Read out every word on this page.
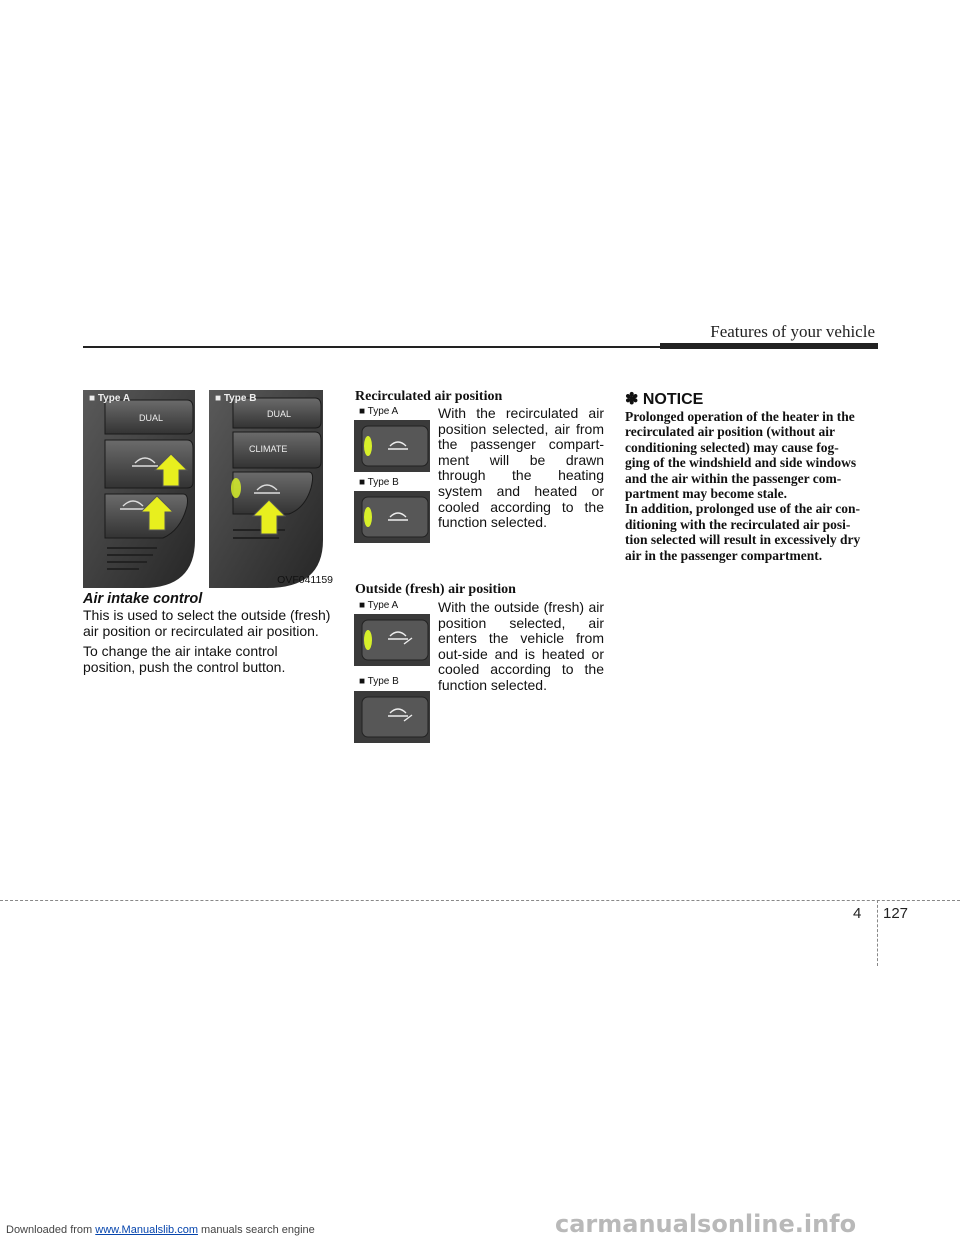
Features of your vehicle
DUAL
■ Type A
DUAL
CLIMATE
■ Type B
OVF041159
Air intake control
This is used to select the outside (fresh) air position or recirculated air position.
To change the air intake control position, push the control button.
Recirculated air position
■ Type A
■ Type B
With the recirculated air position selected, air from the passenger compart-ment will be drawn through the heating system and heated or cooled according to the function selected.
Outside (fresh) air position
■ Type A
■ Type B
With the outside (fresh) air position selected, air enters the vehicle from out-side and is heated or cooled according to the function selected.
✽ NOTICE
Prolonged operation of the heater in the
recirculated air position (without air
conditioning selected) may cause fog-
ging of the windshield and side windows
and the air within the passenger com-
partment may become stale.
In addition, prolonged use of the air con-
ditioning with the recirculated air posi-
tion selected will result in excessively dry
air in the passenger compartment.
4 127
carmanualsonline.info
Downloaded from www.Manualslib.com manuals search engine
